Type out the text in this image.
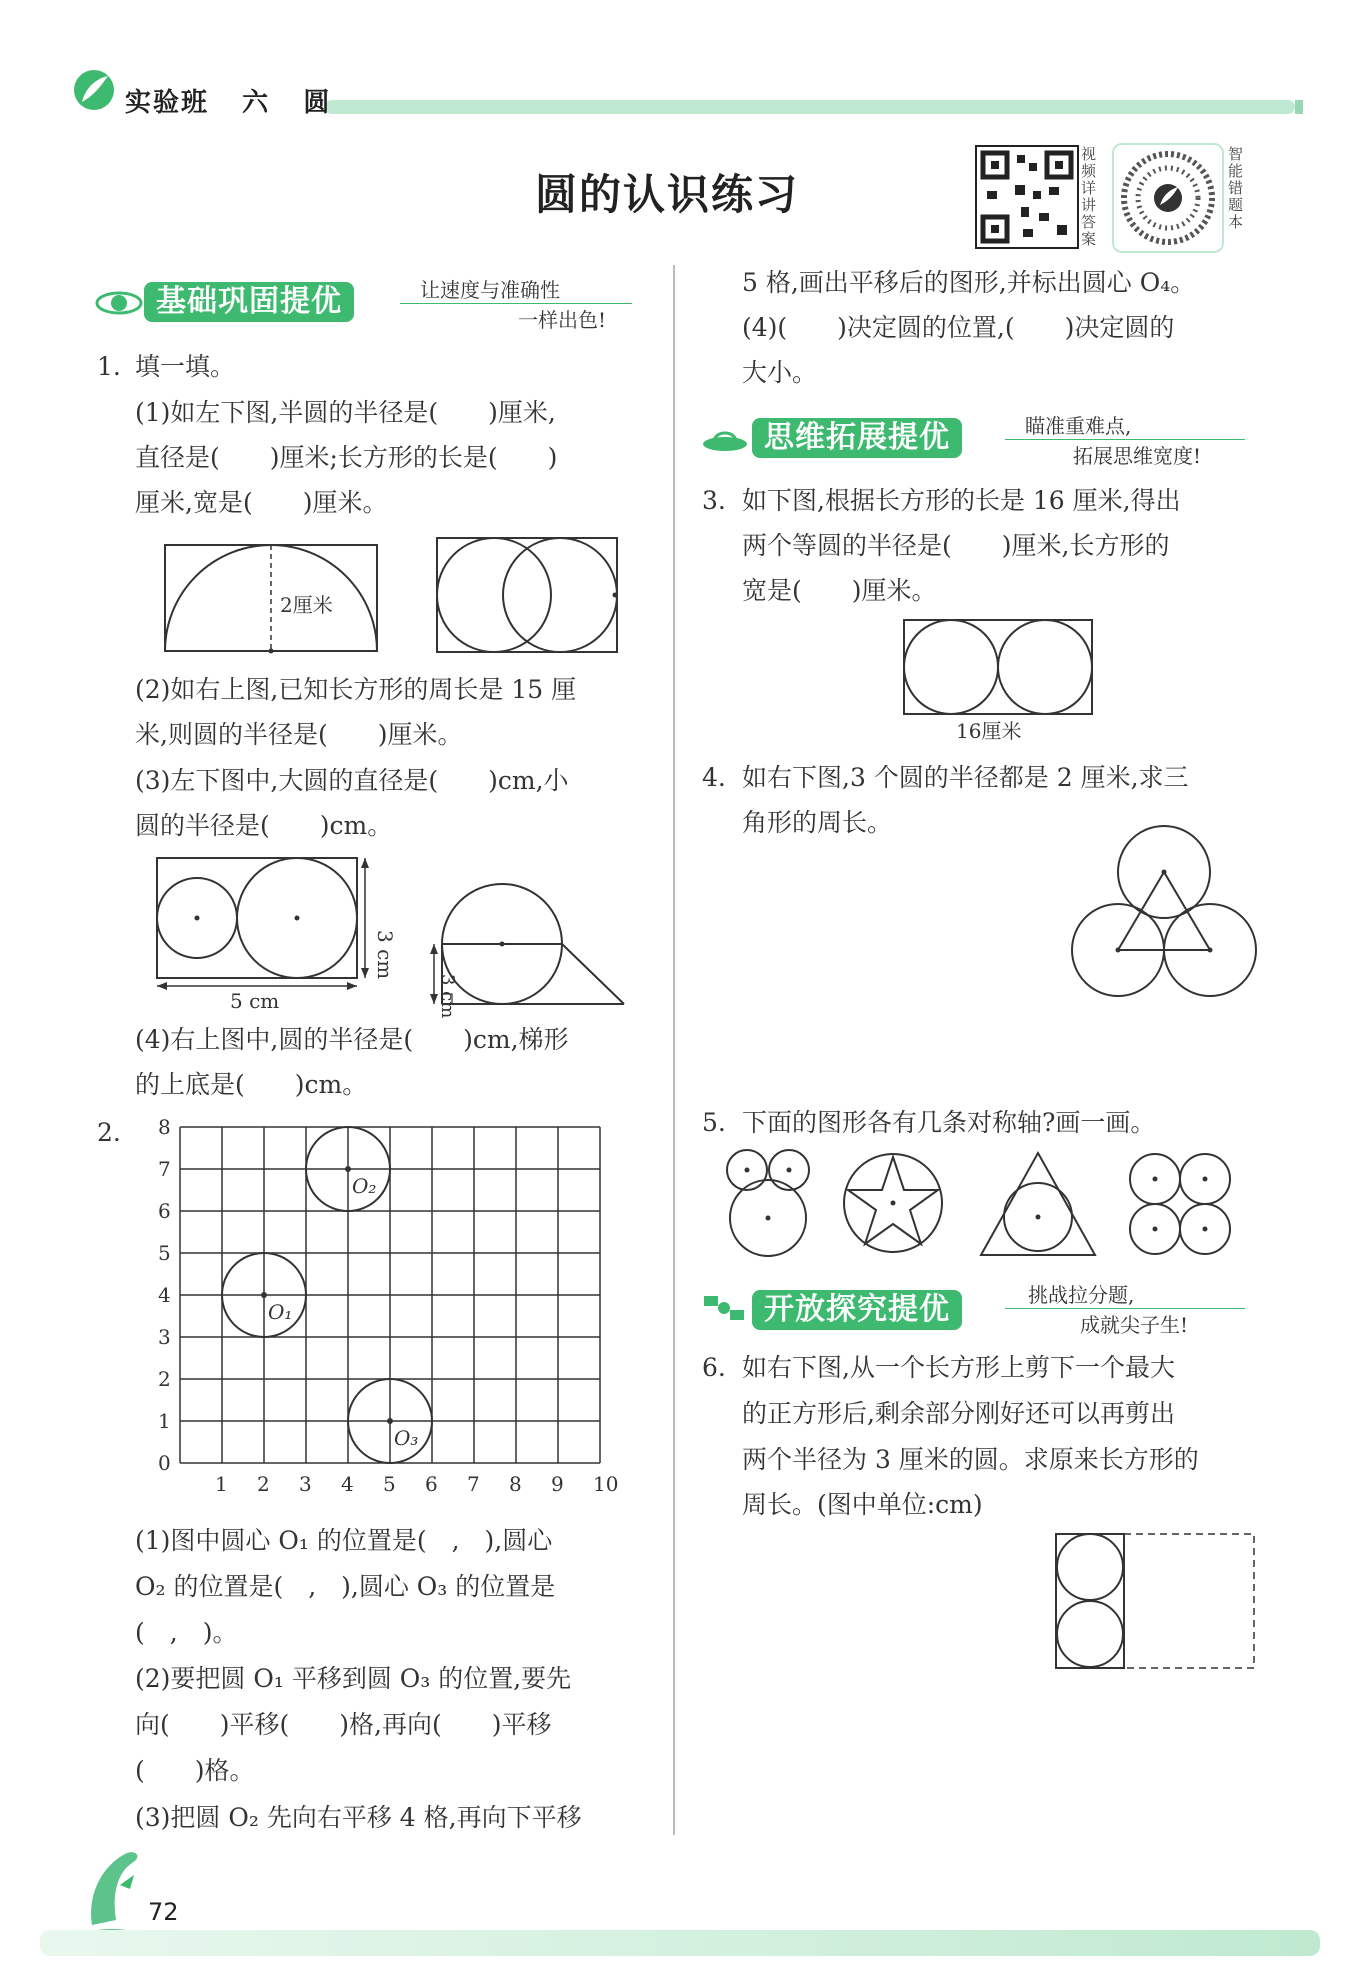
实验班 六 圆
圆的认识练习
视频详讲答案
智能错题本
基础巩固提优	让速度与准确性
一样出色!
思维拓展提优	瞄准重难点,
拓展思维宽度!
开放探究提优	挑战拉分题,
成就尖子生!
1. 填一填。
(1)如左下图,半圆的半径是(　　)厘米,
直径是(　　)厘米;长方形的长是(　　)
厘米,宽是(　　)厘米。
2厘米
(2)如右上图,已知长方形的周长是 15 厘
米,则圆的半径是(　　)厘米。
(3)左下图中,大圆的直径是(　　)cm,小
圆的半径是(　　)cm。
3 cm
5 cm	3 cm
(4)右上图中,圆的半径是(　　)cm,梯形
的上底是(　　)cm。
2.
0
1
2
3
4
5
6
7
8
1 2 3 4 5 6 7 8 9 10
O₁
O₂
O₃
(1)图中圆心 O₁ 的位置是(　,　),圆心
O₂ 的位置是(　,　),圆心 O₃ 的位置是
(　,　)。
(2)要把圆 O₁ 平移到圆 O₃ 的位置,要先
向(　　)平移(　　)格,再向(　　)平移
(　　)格。
(3)把圆 O₂ 先向右平移 4 格,再向下平移
5 格,画出平移后的图形,并标出圆心 O₄。
(4)(　　)决定圆的位置,(　　)决定圆的
大小。
3. 如下图,根据长方形的长是 16 厘米,得出
两个等圆的半径是(　　)厘米,长方形的
宽是(　　)厘米。
16厘米
4. 如右下图,3 个圆的半径都是 2 厘米,求三
角形的周长。
5. 下面的图形各有几条对称轴?画一画。
6. 如右下图,从一个长方形上剪下一个最大
的正方形后,剩余部分刚好还可以再剪出
两个半径为 3 厘米的圆。求原来长方形的
周长。(图中单位:cm)
72
